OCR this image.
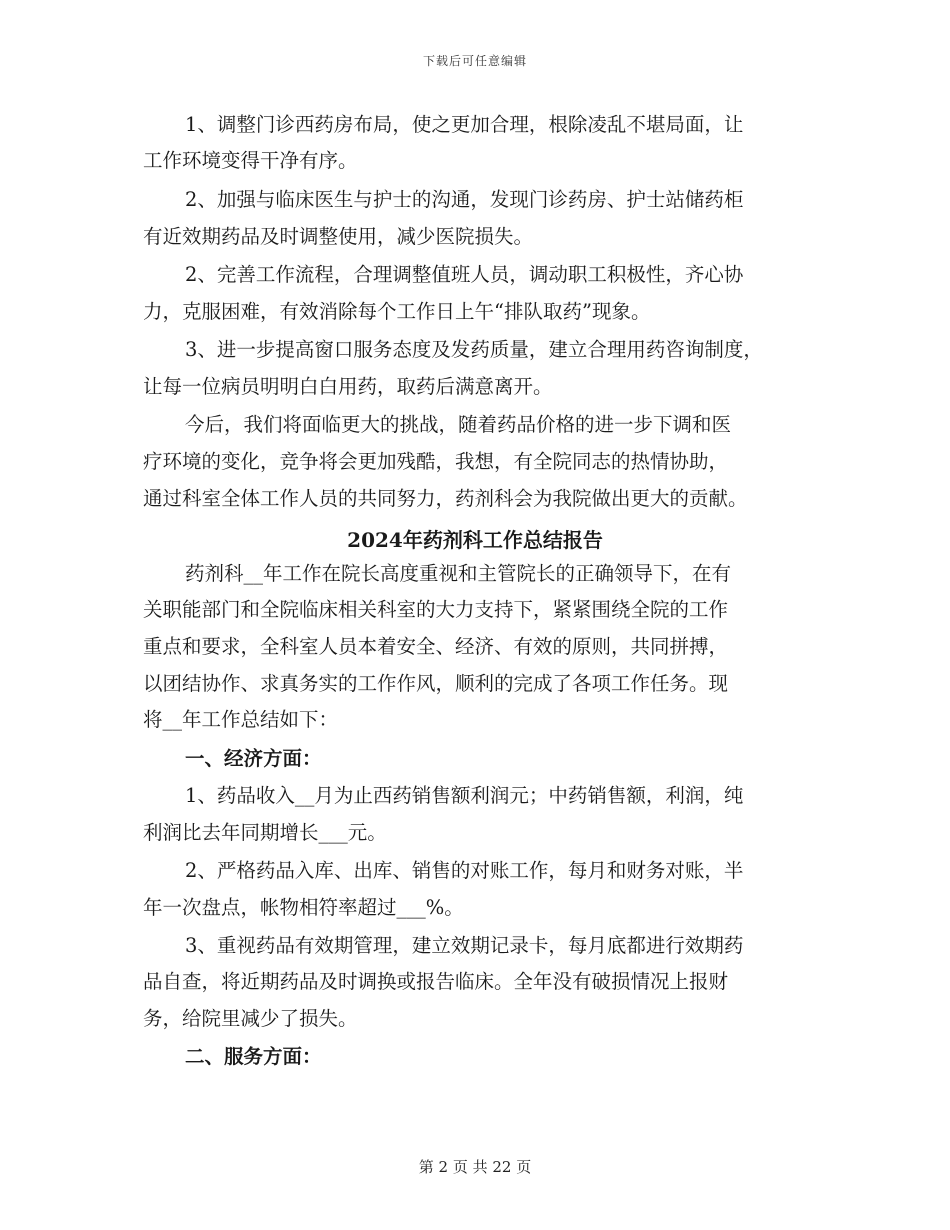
下载后可任意编辑
1、调整门诊西药房布局，使之更加合理，根除凌乱不堪局面，让
工作环境变得干净有序。
2、加强与临床医生与护士的沟通，发现门诊药房、护士站储药柜
有近效期药品及时调整使用，减少医院损失。
2、完善工作流程，合理调整值班人员，调动职工积极性，齐心协
力，克服困难，有效消除每个工作日上午“排队取药”现象。
3、进一步提高窗口服务态度及发药质量，建立合理用药咨询制度，
让每一位病员明明白白用药，取药后满意离开。
今后，我们将面临更大的挑战，随着药品价格的进一步下调和医
疗环境的变化，竞争将会更加残酷，我想，有全院同志的热情协助，
通过科室全体工作人员的共同努力，药剂科会为我院做出更大的贡献。
药剂科__年工作在院长高度重视和主管院长的正确领导下，在有
关职能部门和全院临床相关科室的大力支持下，紧紧围绕全院的工作
重点和要求，全科室人员本着安全、经济、有效的原则，共同拼搏，
以团结协作、求真务实的工作作风，顺利的完成了各项工作任务。现
将__年工作总结如下：
一、经济方面：
1、药品收入__月为止西药销售额利润元；中药销售额，利润，纯
利润比去年同期增长___元。
2、严格药品入库、出库、销售的对账工作，每月和财务对账，半
年一次盘点，帐物相符率超过___%。
3、重视药品有效期管理，建立效期记录卡，每月底都进行效期药
品自查，将近期药品及时调换或报告临床。全年没有破损情况上报财
务，给院里减少了损失。
二、服务方面：
2024年药剂科工作总结报告
第 2 页 共 22 页
